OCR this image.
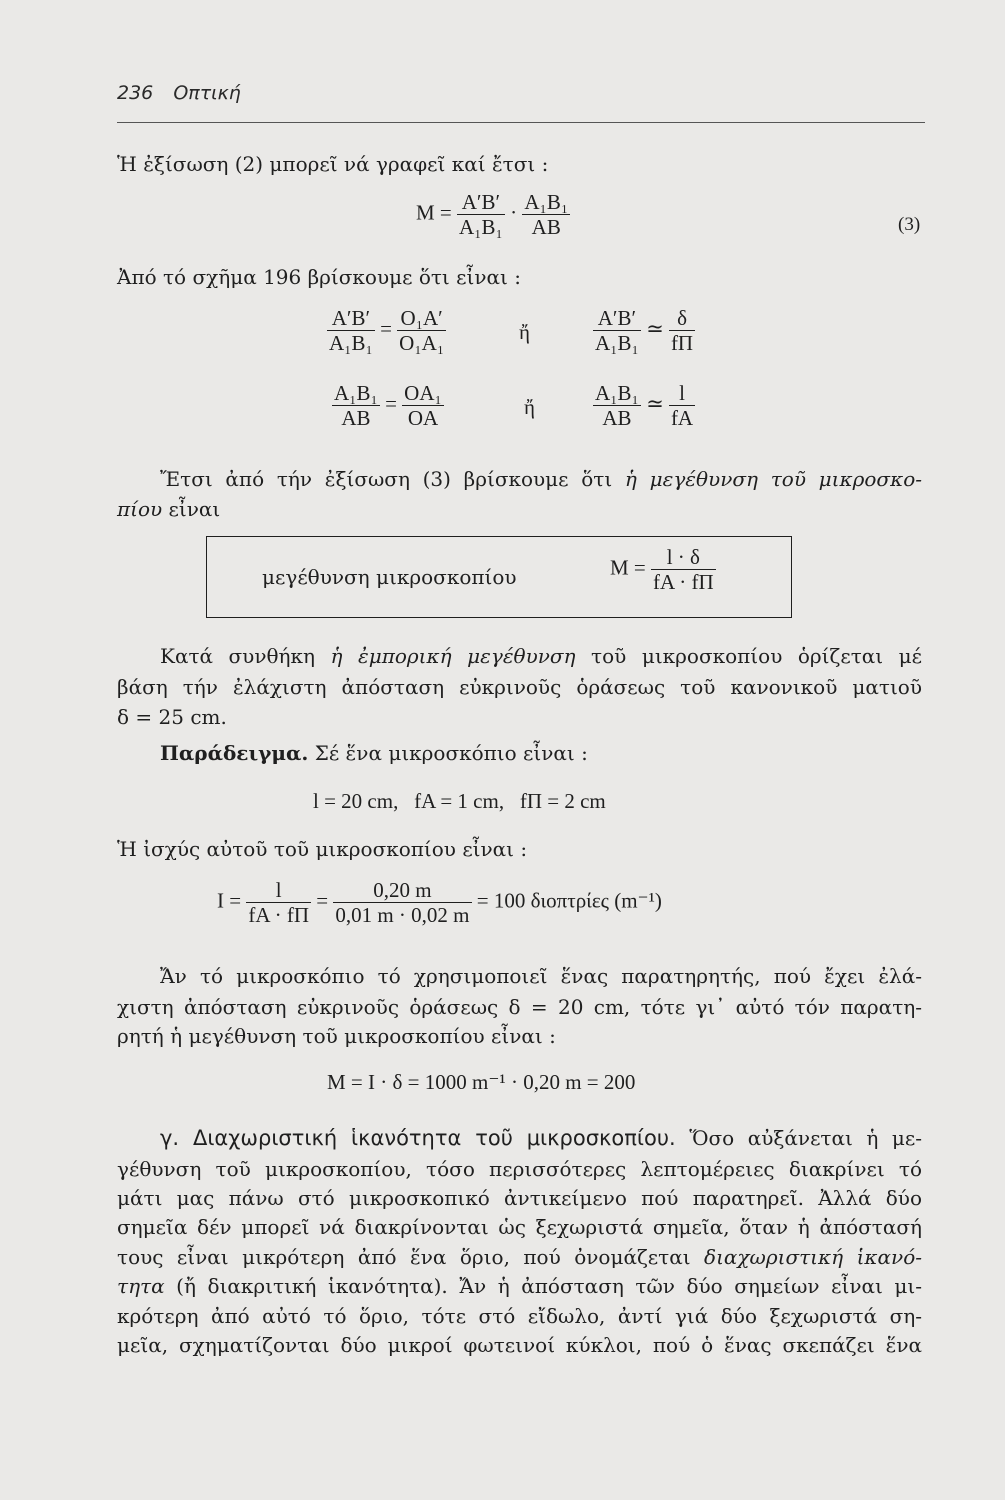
236 Οπτική
Ἡ ἐξίσωση (2) μπορεῖ νά γραφεῖ καί ἔτσι :
$M = \frac{A'B'}{\text{A₁B₁}} \cdot \frac{\text{A₁B₁}}{AB}$	(3)
Ἀπό τό σχῆμα 196 βρίσκουμε ὅτι εἶναι :
$\frac{A'B'}{\text{A₁B₁}} = \frac{\text{O₁A′}}{\text{O₁A₁}}$	ἤ	$\frac{A'B'}{\text{A₁B₁}}$ ≃ $\frac{\delta}{f\Pi}$
$\frac{\text{A₁B₁}}{AB} = \frac{\text{OA₁}}{OA}$	ἤ	$\frac{\text{A₁B₁}}{AB}$ ≃ $\frac{l}{fA}$
Ἔτσι ἀπό τήν ἐξίσωση (3) βρίσκουμε ὅτι ἡ μεγέθυνση τοῦ μικροσκο-
πίου εἶναι
μεγέθυνση μικροσκοπίου	$M = \frac{l \cdot \delta}{fA \cdot f\Pi}$
Κατά συνθήκη ἡ ἐμπορική μεγέθυνση τοῦ μικροσκοπίου ὁρίζεται μέ
βάση τήν ἐλάχιστη ἀπόσταση εὐκρινοῦς ὁράσεως τοῦ κανονικοῦ ματιοῦ
δ = 25 cm.
Παράδειγμα. Σέ ἕνα μικροσκόπιο εἶναι :
l = 20 cm,   fA = 1 cm,   fΠ = 2 cm
Ἡ ἰσχύς αὐτοῦ τοῦ μικροσκοπίου εἶναι :
$I = \frac{l}{fA \cdot f\Pi} = \frac{0,20 m}{0,01 m \cdot 0,02 m} = 100$ διοπτρίες (m⁻¹)
Ἄν τό μικροσκόπιο τό χρησιμοποιεῖ ἕνας παρατηρητής, πού ἔχει ἐλά-
χιστη ἀπόσταση εὐκρινοῦς ὁράσεως δ = 20 cm, τότε γι᾽ αὐτό τόν παρατη-
ρητή ἡ μεγέθυνση τοῦ μικροσκοπίου εἶναι :
M = I · δ = 1000 m⁻¹ · 0,20 m = 200
γ. Διαχωριστική ἱκανότητα τοῦ μικροσκοπίου. Ὅσο αὐξάνεται ἡ με-
γέθυνση τοῦ μικροσκοπίου, τόσο περισσότερες λεπτομέρειες διακρίνει τό
μάτι μας πάνω στό μικροσκοπικό ἀντικείμενο πού παρατηρεῖ. Ἀλλά δύο
σημεῖα δέν μπορεῖ νά διακρίνονται ὡς ξεχωριστά σημεῖα, ὅταν ἡ ἀπόστασή
τους εἶναι μικρότερη ἀπό ἕνα ὅριο, πού ὀνομάζεται διαχωριστική ἱκανό-
τητα (ἤ διακριτική ἱκανότητα). Ἄν ἡ ἀπόσταση τῶν δύο σημείων εἶναι μι-
κρότερη ἀπό αὐτό τό ὅριο, τότε στό εἴδωλο, ἀντί γιά δύο ξεχωριστά ση-
μεῖα, σχηματίζονται δύο μικροί φωτεινοί κύκλοι, πού ὁ ἕνας σκεπάζει ἕνα
